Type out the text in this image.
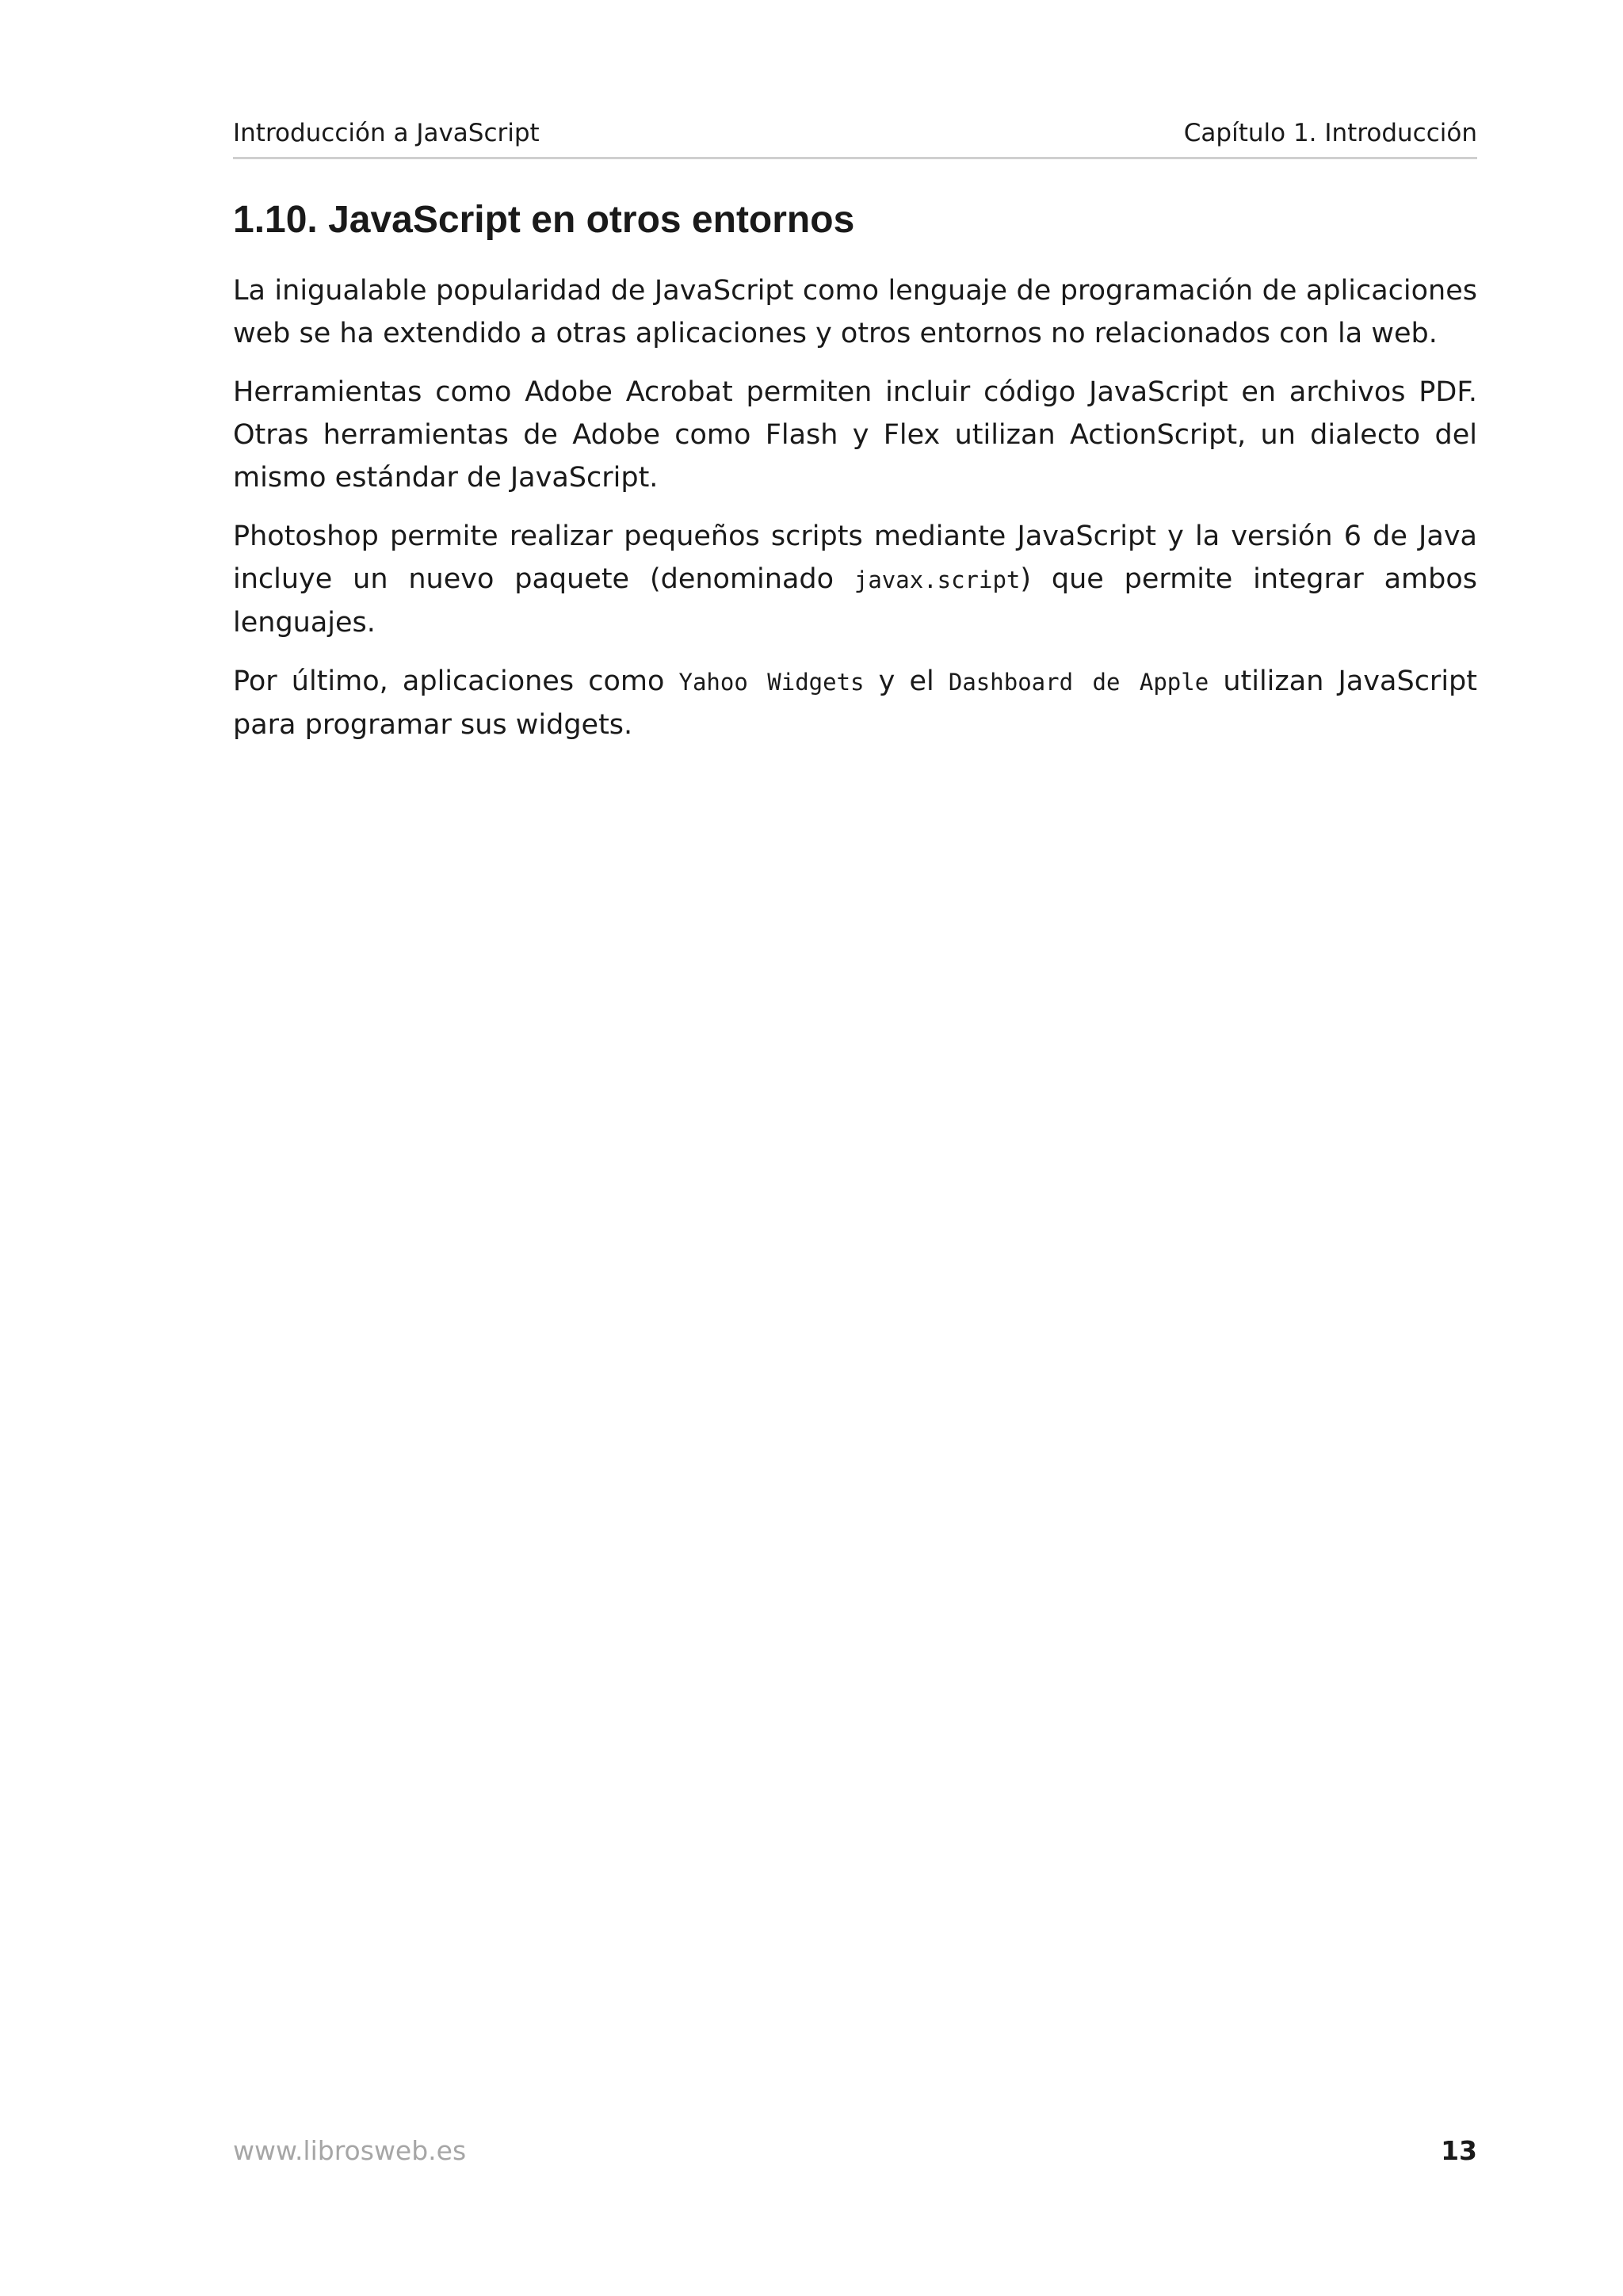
Introducción a JavaScript	Capítulo 1. Introducción
1.10. JavaScript en otros entornos

La inigualable popularidad de JavaScript como lenguaje de programación de aplicaciones web se ha extendido a otras aplicaciones y otros entornos no relacionados con la web.

Herramientas como Adobe Acrobat permiten incluir código JavaScript en archivos PDF. Otras herramientas de Adobe como Flash y Flex utilizan ActionScript, un dialecto del mismo estándar de JavaScript.

Photoshop permite realizar pequeños scripts mediante JavaScript y la versión 6 de Java incluye un nuevo paquete (denominado javax.script) que permite integrar ambos lenguajes.

Por último, aplicaciones como Yahoo Widgets y el Dashboard de Apple utilizan JavaScript para programar sus widgets.

www.librosweb.es	13
